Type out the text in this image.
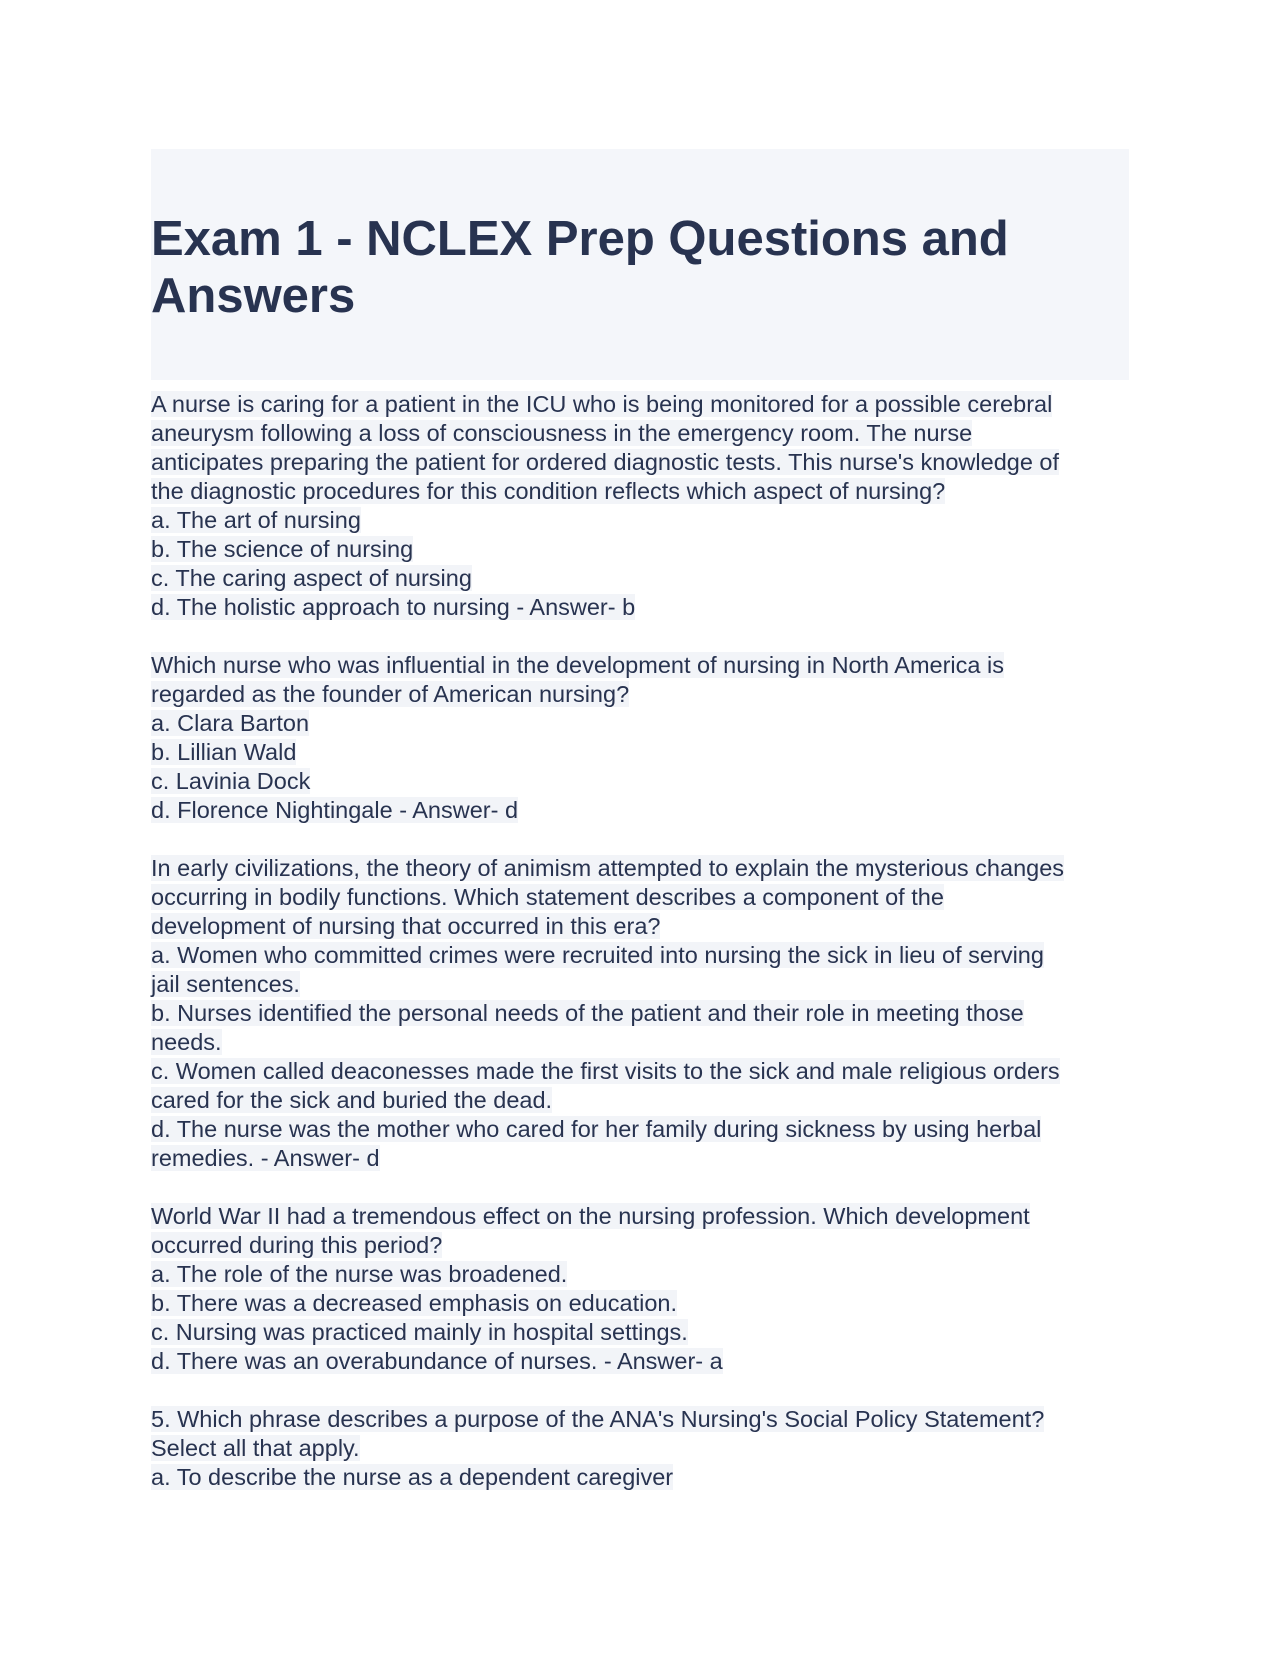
Exam 1 - NCLEX Prep Questions and
Answers
A nurse is caring for a patient in the ICU who is being monitored for a possible cerebral
aneurysm following a loss of consciousness in the emergency room. The nurse
anticipates preparing the patient for ordered diagnostic tests. This nurse's knowledge of
the diagnostic procedures for this condition reflects which aspect of nursing?
a. The art of nursing
b. The science of nursing
c. The caring aspect of nursing
d. The holistic approach to nursing - Answer- b
Which nurse who was influential in the development of nursing in North America is
regarded as the founder of American nursing?
a. Clara Barton
b. Lillian Wald
c. Lavinia Dock
d. Florence Nightingale - Answer- d
In early civilizations, the theory of animism attempted to explain the mysterious changes
occurring in bodily functions. Which statement describes a component of the
development of nursing that occurred in this era?
a. Women who committed crimes were recruited into nursing the sick in lieu of serving
jail sentences.
b. Nurses identified the personal needs of the patient and their role in meeting those
needs.
c. Women called deaconesses made the first visits to the sick and male religious orders
cared for the sick and buried the dead.
d. The nurse was the mother who cared for her family during sickness by using herbal
remedies. - Answer- d
World War II had a tremendous effect on the nursing profession. Which development
occurred during this period?
a. The role of the nurse was broadened.
b. There was a decreased emphasis on education.
c. Nursing was practiced mainly in hospital settings.
d. There was an overabundance of nurses. - Answer- a
5. Which phrase describes a purpose of the ANA's Nursing's Social Policy Statement?
Select all that apply.
a. To describe the nurse as a dependent caregiver
